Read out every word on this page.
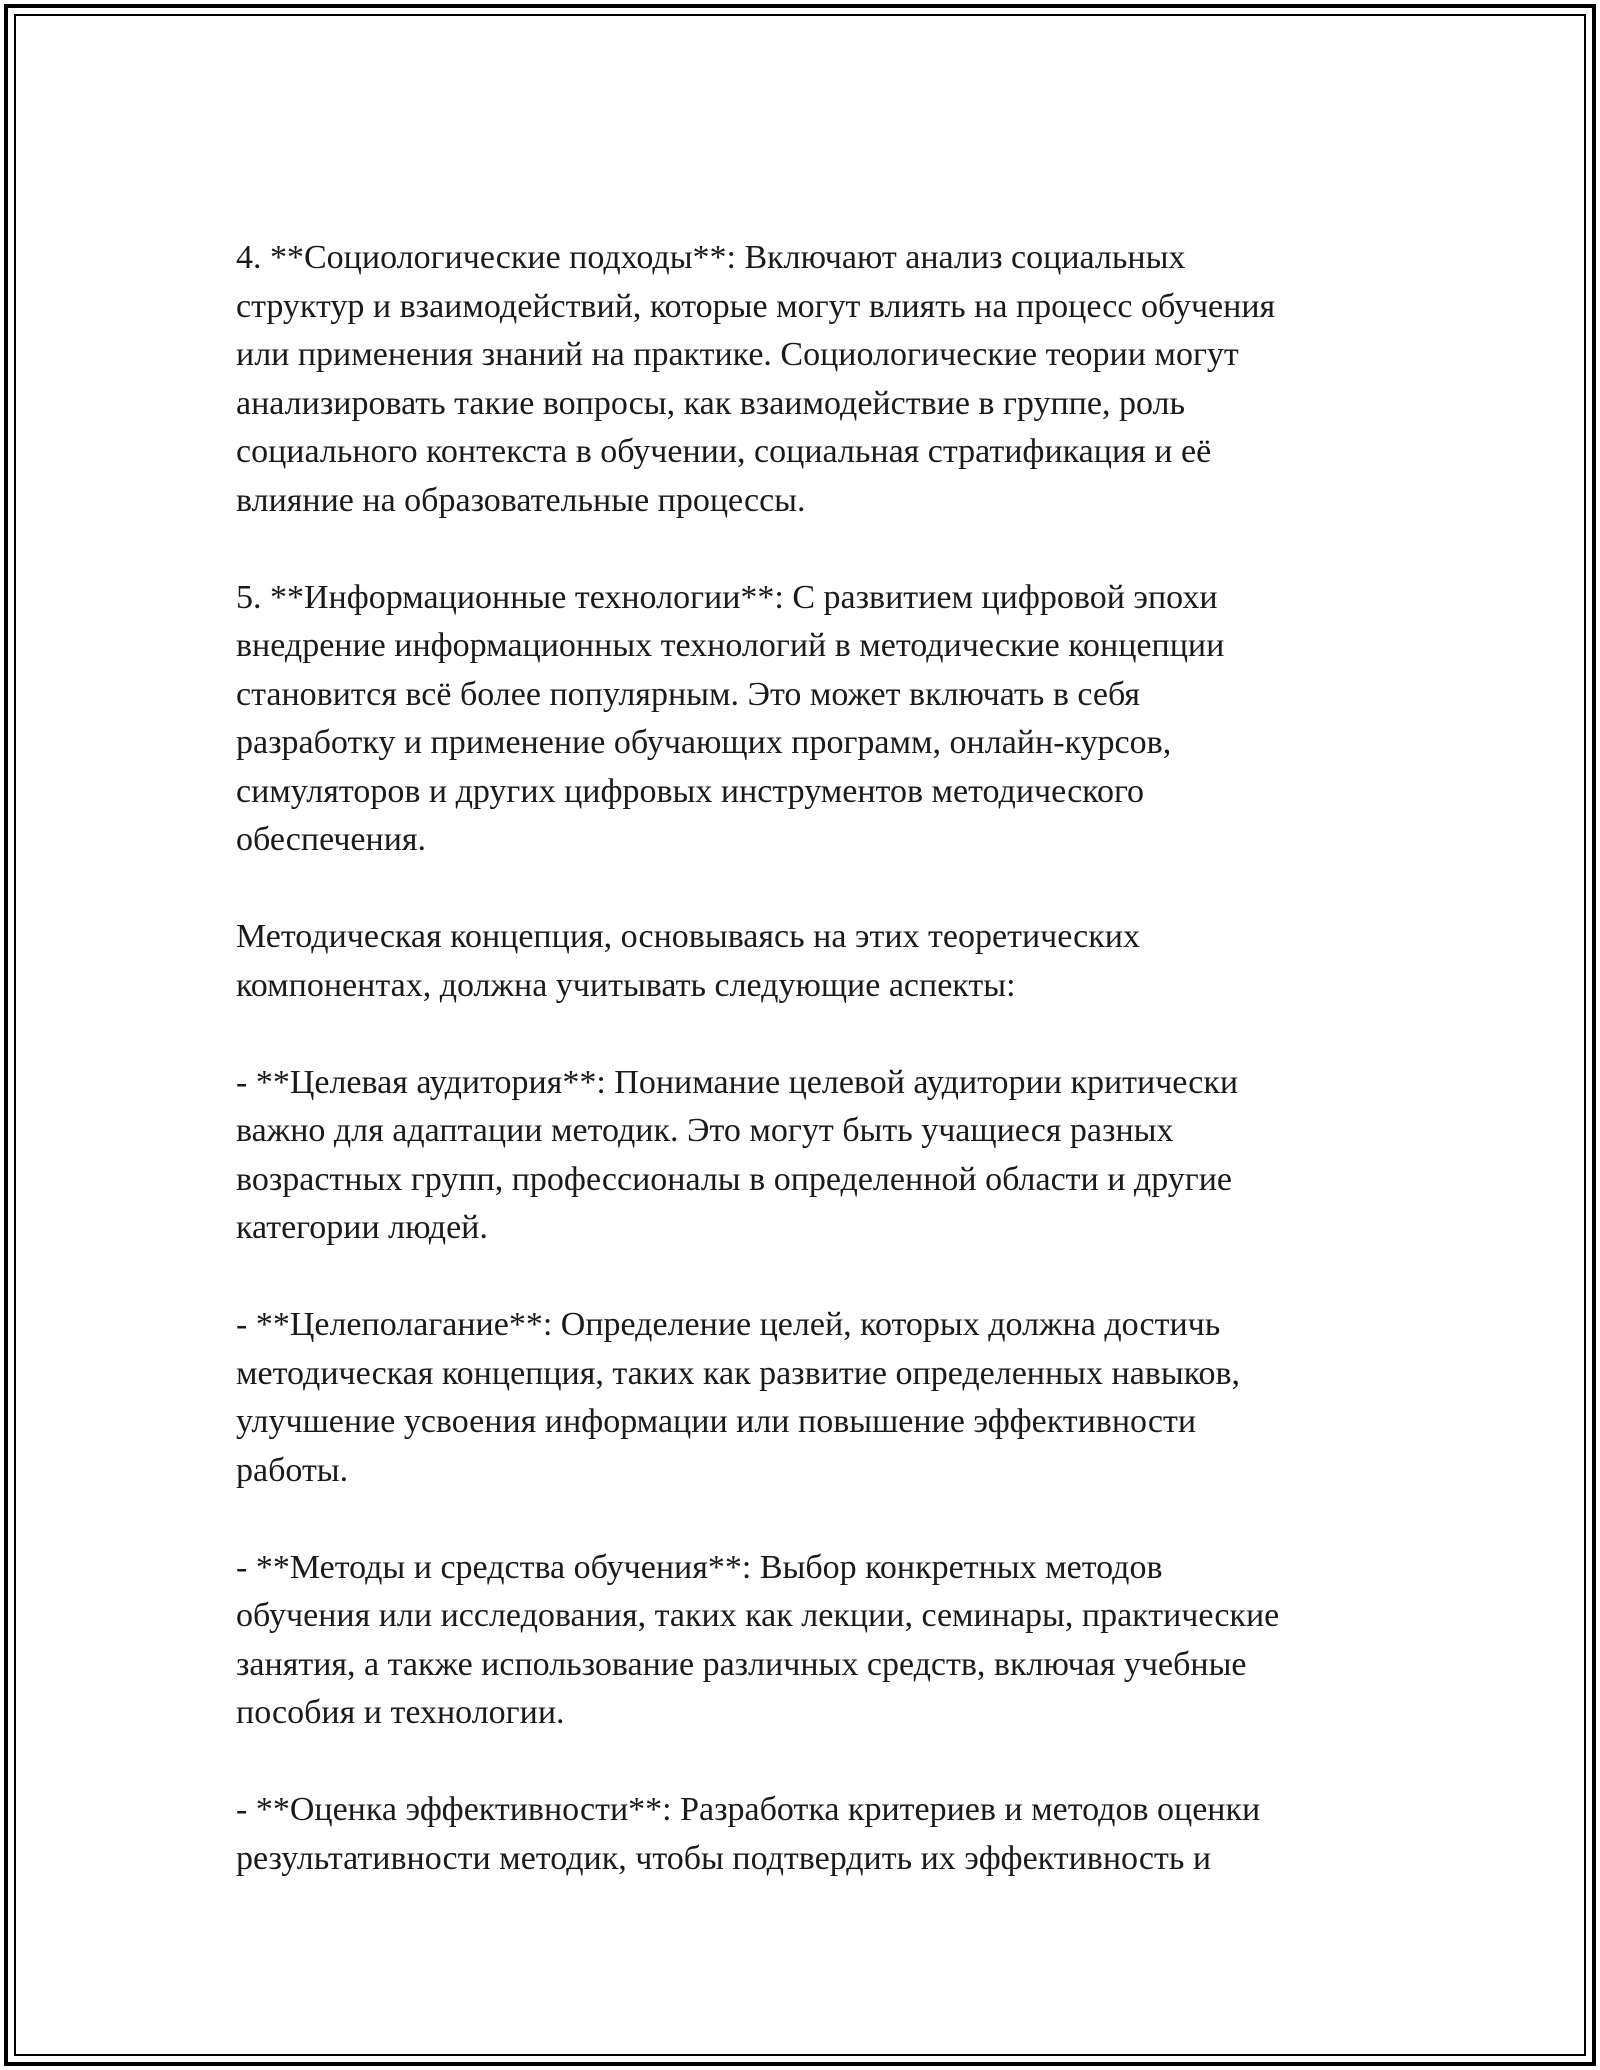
4. **Социологические подходы**: Включают анализ социальных
структур и взаимодействий, которые могут влиять на процесс обучения
или применения знаний на практике. Социологические теории могут
анализировать такие вопросы, как взаимодействие в группе, роль
социального контекста в обучении, социальная стратификация и её
влияние на образовательные процессы.

5. **Информационные технологии**: С развитием цифровой эпохи
внедрение информационных технологий в методические концепции
становится всё более популярным. Это может включать в себя
разработку и применение обучающих программ, онлайн-курсов,
симуляторов и других цифровых инструментов методического
обеспечения.

Методическая концепция, основываясь на этих теоретических
компонентах, должна учитывать следующие аспекты:

- **Целевая аудитория**: Понимание целевой аудитории критически
важно для адаптации методик. Это могут быть учащиеся разных
возрастных групп, профессионалы в определенной области и другие
категории людей.

- **Целеполагание**: Определение целей, которых должна достичь
методическая концепция, таких как развитие определенных навыков,
улучшение усвоения информации или повышение эффективности
работы.

- **Методы и средства обучения**: Выбор конкретных методов
обучения или исследования, таких как лекции, семинары, практические
занятия, а также использование различных средств, включая учебные
пособия и технологии.

- **Оценка эффективности**: Разработка критериев и методов оценки
результативности методик, чтобы подтвердить их эффективность и
